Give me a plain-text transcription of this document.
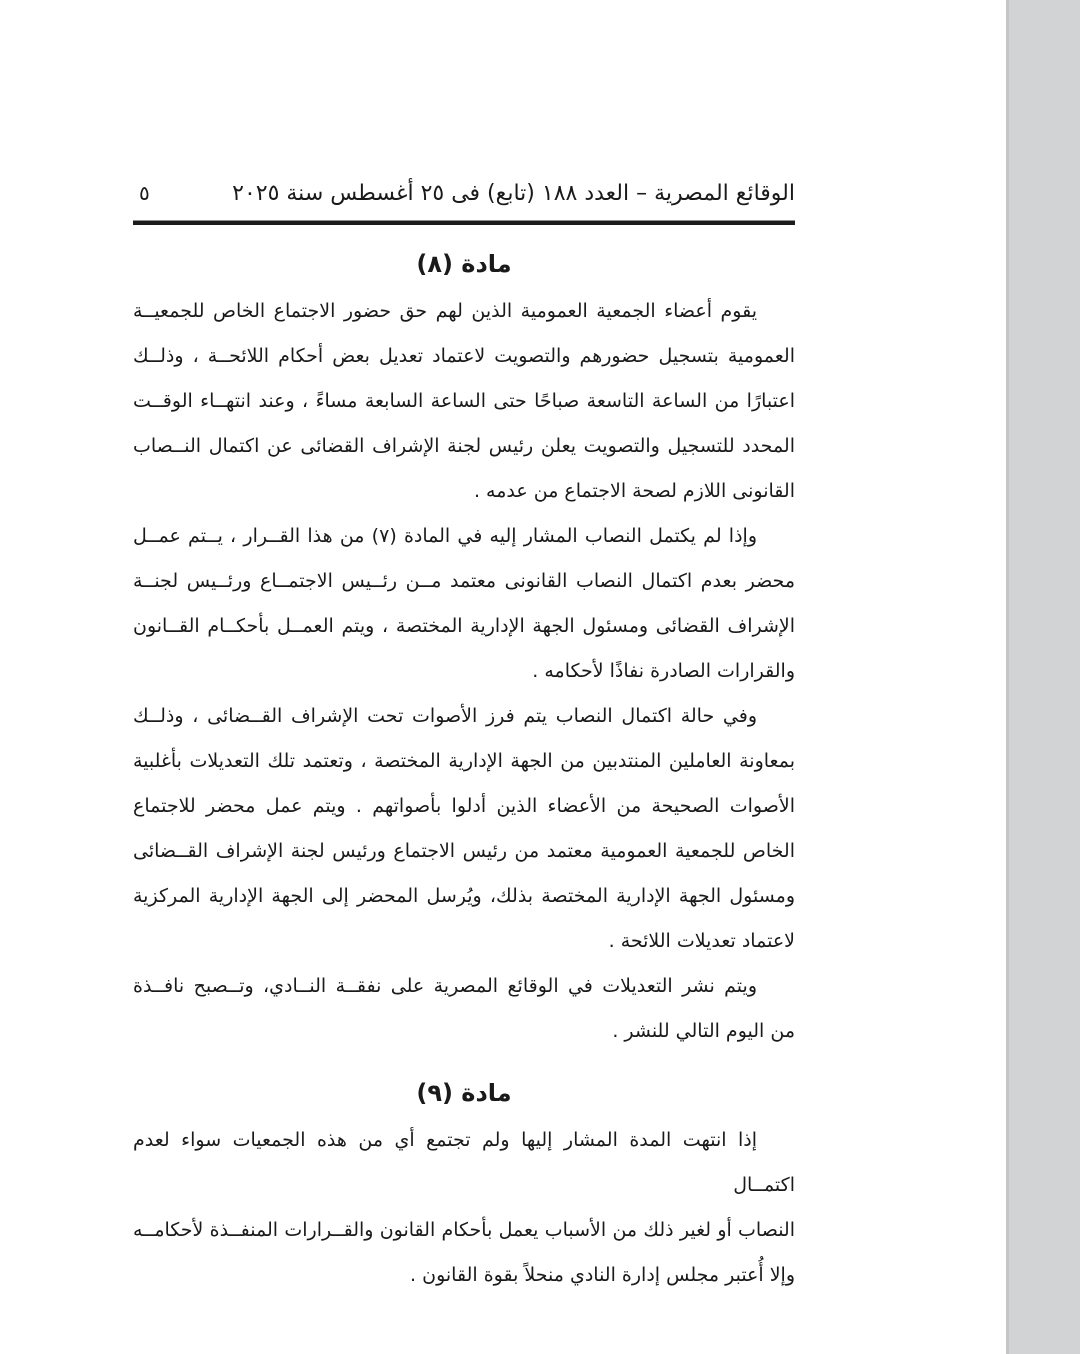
الوقائع المصرية – العدد ١٨٨ (تابع) فى ٢٥ أغسطس سنة ٢٠٢٥
٥
مادة (٨)
يقوم أعضاء الجمعية العمومية الذين لهم حق حضور الاجتماع الخاص للجمعيــة
العمومية بتسجيل حضورهم والتصويت لاعتماد تعديل بعض أحكام اللائحــة ، وذلــك
اعتبارًا من الساعة التاسعة صباحًا حتى الساعة السابعة مساءً ، وعند انتهــاء الوقــت
المحدد للتسجيل والتصويت يعلن رئيس لجنة الإشراف القضائى عن اكتمال النــصاب
القانونى اللازم لصحة الاجتماع من عدمه .
وإذا لم يكتمل النصاب المشار إليه في المادة (٧) من هذا القــرار ، يــتم عمــل
محضر بعدم اكتمال النصاب القانونى معتمد مــن رئــيس الاجتمــاع ورئــيس لجنــة
الإشراف القضائى ومسئول الجهة الإدارية المختصة ، ويتم العمــل بأحكــام القــانون
والقرارات الصادرة نفاذًا لأحكامه .
وفي حالة اكتمال النصاب يتم فرز الأصوات تحت الإشراف القــضائى ، وذلــك
بمعاونة العاملين المنتدبين من الجهة الإدارية المختصة ، وتعتمد تلك التعديلات بأغلبية
الأصوات الصحيحة من الأعضاء الذين أدلوا بأصواتهم . ويتم عمل محضر للاجتماع
الخاص للجمعية العمومية معتمد من رئيس الاجتماع ورئيس لجنة الإشراف القــضائى
ومسئول الجهة الإدارية المختصة بذلك، ويُرسل المحضر إلى الجهة الإدارية المركزية
لاعتماد تعديلات اللائحة .
ويتم نشر التعديلات في الوقائع المصرية على نفقــة النــادي، وتــصبح نافــذة
من اليوم التالي للنشر .
مادة (٩)
إذا انتهت المدة المشار إليها ولم تجتمع أي من هذه الجمعيات سواء لعدم اكتمــال
النصاب أو لغير ذلك من الأسباب يعمل بأحكام القانون والقــرارات المنفــذة لأحكامــه
وإلا أُعتبر مجلس إدارة النادي منحلاً بقوة القانون .
